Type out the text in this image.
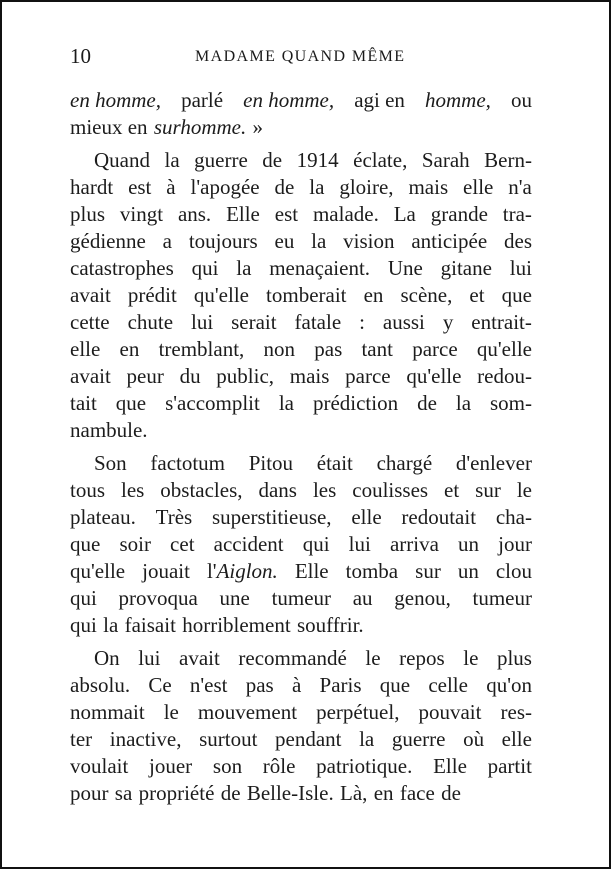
10	MADAME QUAND MÊME
en homme, parlé en homme, agi en homme, ou
mieux en surhomme. »
Quand la guerre de 1914 éclate, Sarah Bern-
hardt est à l'apogée de la gloire, mais elle n'a
plus vingt ans. Elle est malade. La grande tra-
gédienne a toujours eu la vision anticipée des
catastrophes qui la menaçaient. Une gitane lui
avait prédit qu'elle tomberait en scène, et que
cette chute lui serait fatale : aussi y entrait-
elle en tremblant, non pas tant parce qu'elle
avait peur du public, mais parce qu'elle redou-
tait que s'accomplit la prédiction de la som-
nambule.
Son factotum Pitou était chargé d'enlever
tous les obstacles, dans les coulisses et sur le
plateau. Très superstitieuse, elle redoutait cha-
que soir cet accident qui lui arriva un jour
qu'elle jouait l'Aiglon. Elle tomba sur un clou
qui provoqua une tumeur au genou, tumeur
qui la faisait horriblement souffrir.
On lui avait recommandé le repos le plus
absolu. Ce n'est pas à Paris que celle qu'on
nommait le mouvement perpétuel, pouvait res-
ter inactive, surtout pendant la guerre où elle
voulait jouer son rôle patriotique. Elle partit
pour sa propriété de Belle-Isle. Là, en face de
